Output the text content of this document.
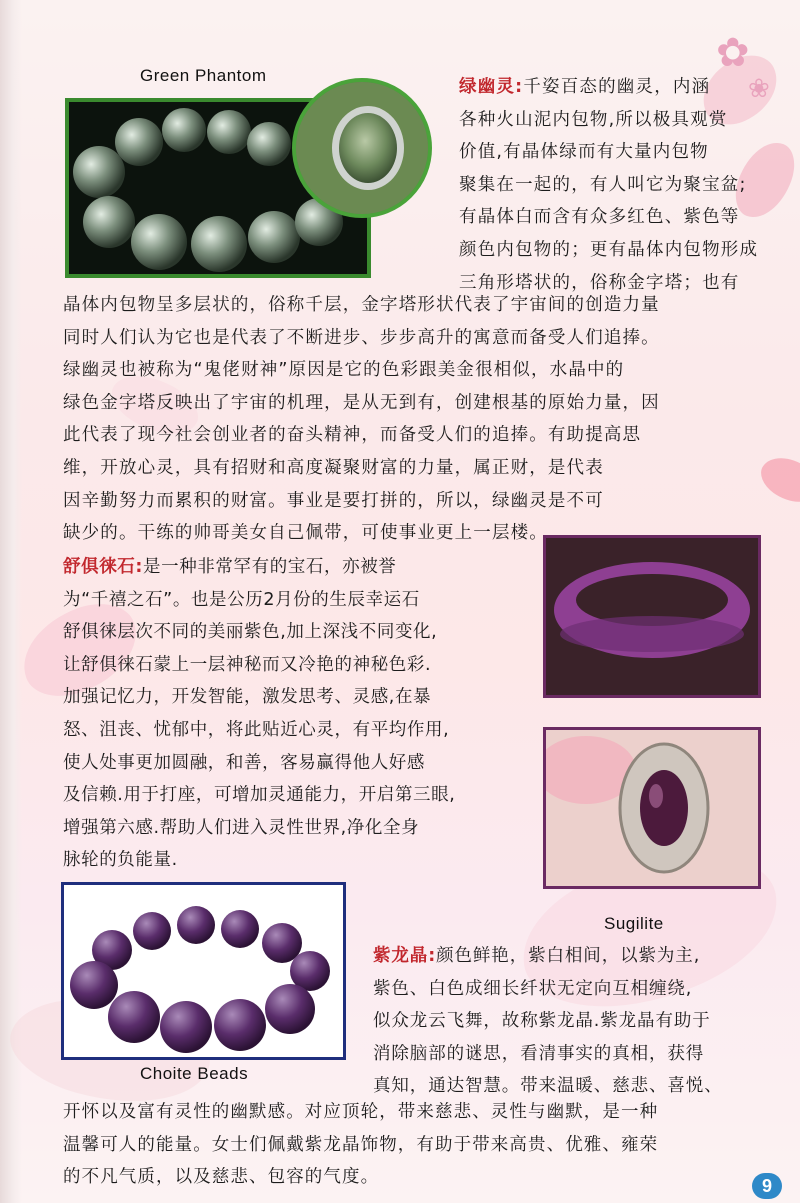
✿
❀
Green Phantom
Sugilite
Choite Beads
绿幽灵:千姿百态的幽灵，内涵
各种火山泥内包物,所以极具观赏
价值,有晶体绿而有大量内包物
聚集在一起的，有人叫它为聚宝盆;
有晶体白而含有众多红色、紫色等
颜色内包物的；更有晶体内包物形成
三角形塔状的，俗称金字塔；也有
晶体内包物呈多层状的，俗称千层，金字塔形状代表了宇宙间的创造力量
同时人们认为它也是代表了不断进步、步步高升的寓意而备受人们追捧。
绿幽灵也被称为“鬼佬财神”原因是它的色彩跟美金很相似，水晶中的
绿色金字塔反映出了宇宙的机理，是从无到有，创建根基的原始力量，因
此代表了现今社会创业者的奋头精神，而备受人们的追捧。有助提高思
维，开放心灵，具有招财和高度凝聚财富的力量，属正财，是代表
因辛勤努力而累积的财富。事业是要打拼的，所以，绿幽灵是不可
缺少的。干练的帅哥美女自己佩带，可使事业更上一层楼。
舒俱徕石:是一种非常罕有的宝石，亦被誉
为“千禧之石”。也是公历2月份的生辰幸运石
舒俱徕层次不同的美丽紫色,加上深浅不同变化,
让舒俱徕石蒙上一层神秘而又冷艳的神秘色彩.
加强记忆力，开发智能，激发思考、灵感,在暴
怒、沮丧、忧郁中，将此贴近心灵，有平均作用,
使人处事更加圆融，和善，客易赢得他人好感
及信赖.用于打座，可增加灵通能力，开启第三眼,
增强第六感.帮助人们进入灵性世界,净化全身
脉轮的负能量.
紫龙晶:颜色鲜艳，紫白相间，以紫为主,
紫色、白色成细长纤状无定向互相缠绕,
似众龙云飞舞，故称紫龙晶.紫龙晶有助于
消除脑部的谜思，看清事实的真相，获得
真知，通达智慧。带来温暖、慈悲、喜悦、
开怀以及富有灵性的幽默感。对应顶轮，带来慈悲、灵性与幽默，是一种
温馨可人的能量。女士们佩戴紫龙晶饰物，有助于带来高贵、优雅、雍荣
的不凡气质，以及慈悲、包容的气度。	9
